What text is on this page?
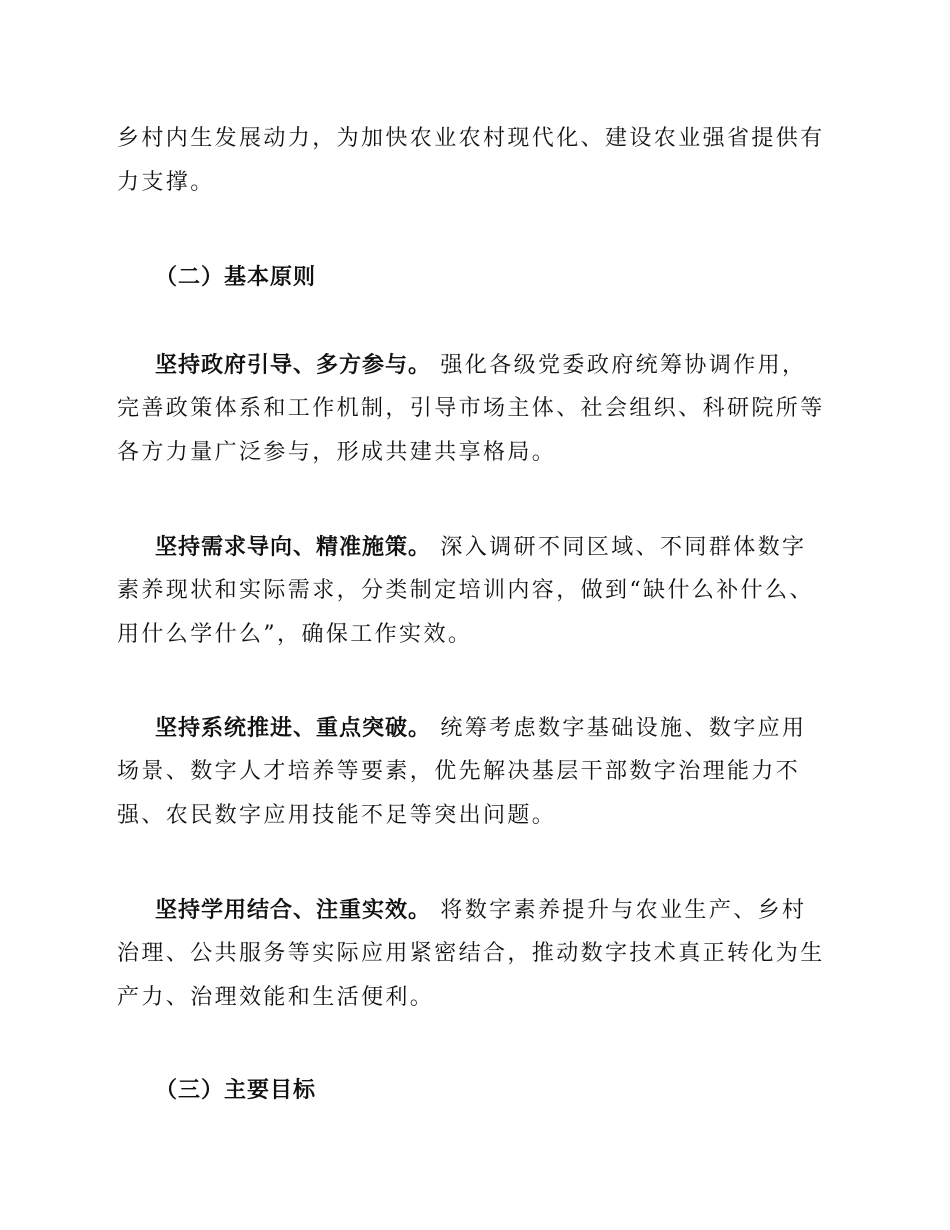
乡村内生发展动力，为加快农业农村现代化、建设农业强省提供有
力支撑。
（二）基本原则
坚持政府引导、多方参与。 强化各级党委政府统筹协调作用，
完善政策体系和工作机制，引导市场主体、社会组织、科研院所等
各方力量广泛参与，形成共建共享格局。
坚持需求导向、精准施策。 深入调研不同区域、不同群体数字
素养现状和实际需求，分类制定培训内容，做到“缺什么补什么、
用什么学什么”，确保工作实效。
坚持系统推进、重点突破。 统筹考虑数字基础设施、数字应用
场景、数字人才培养等要素，优先解决基层干部数字治理能力不
强、农民数字应用技能不足等突出问题。
坚持学用结合、注重实效。 将数字素养提升与农业生产、乡村
治理、公共服务等实际应用紧密结合，推动数字技术真正转化为生
产力、治理效能和生活便利。
（三）主要目标
